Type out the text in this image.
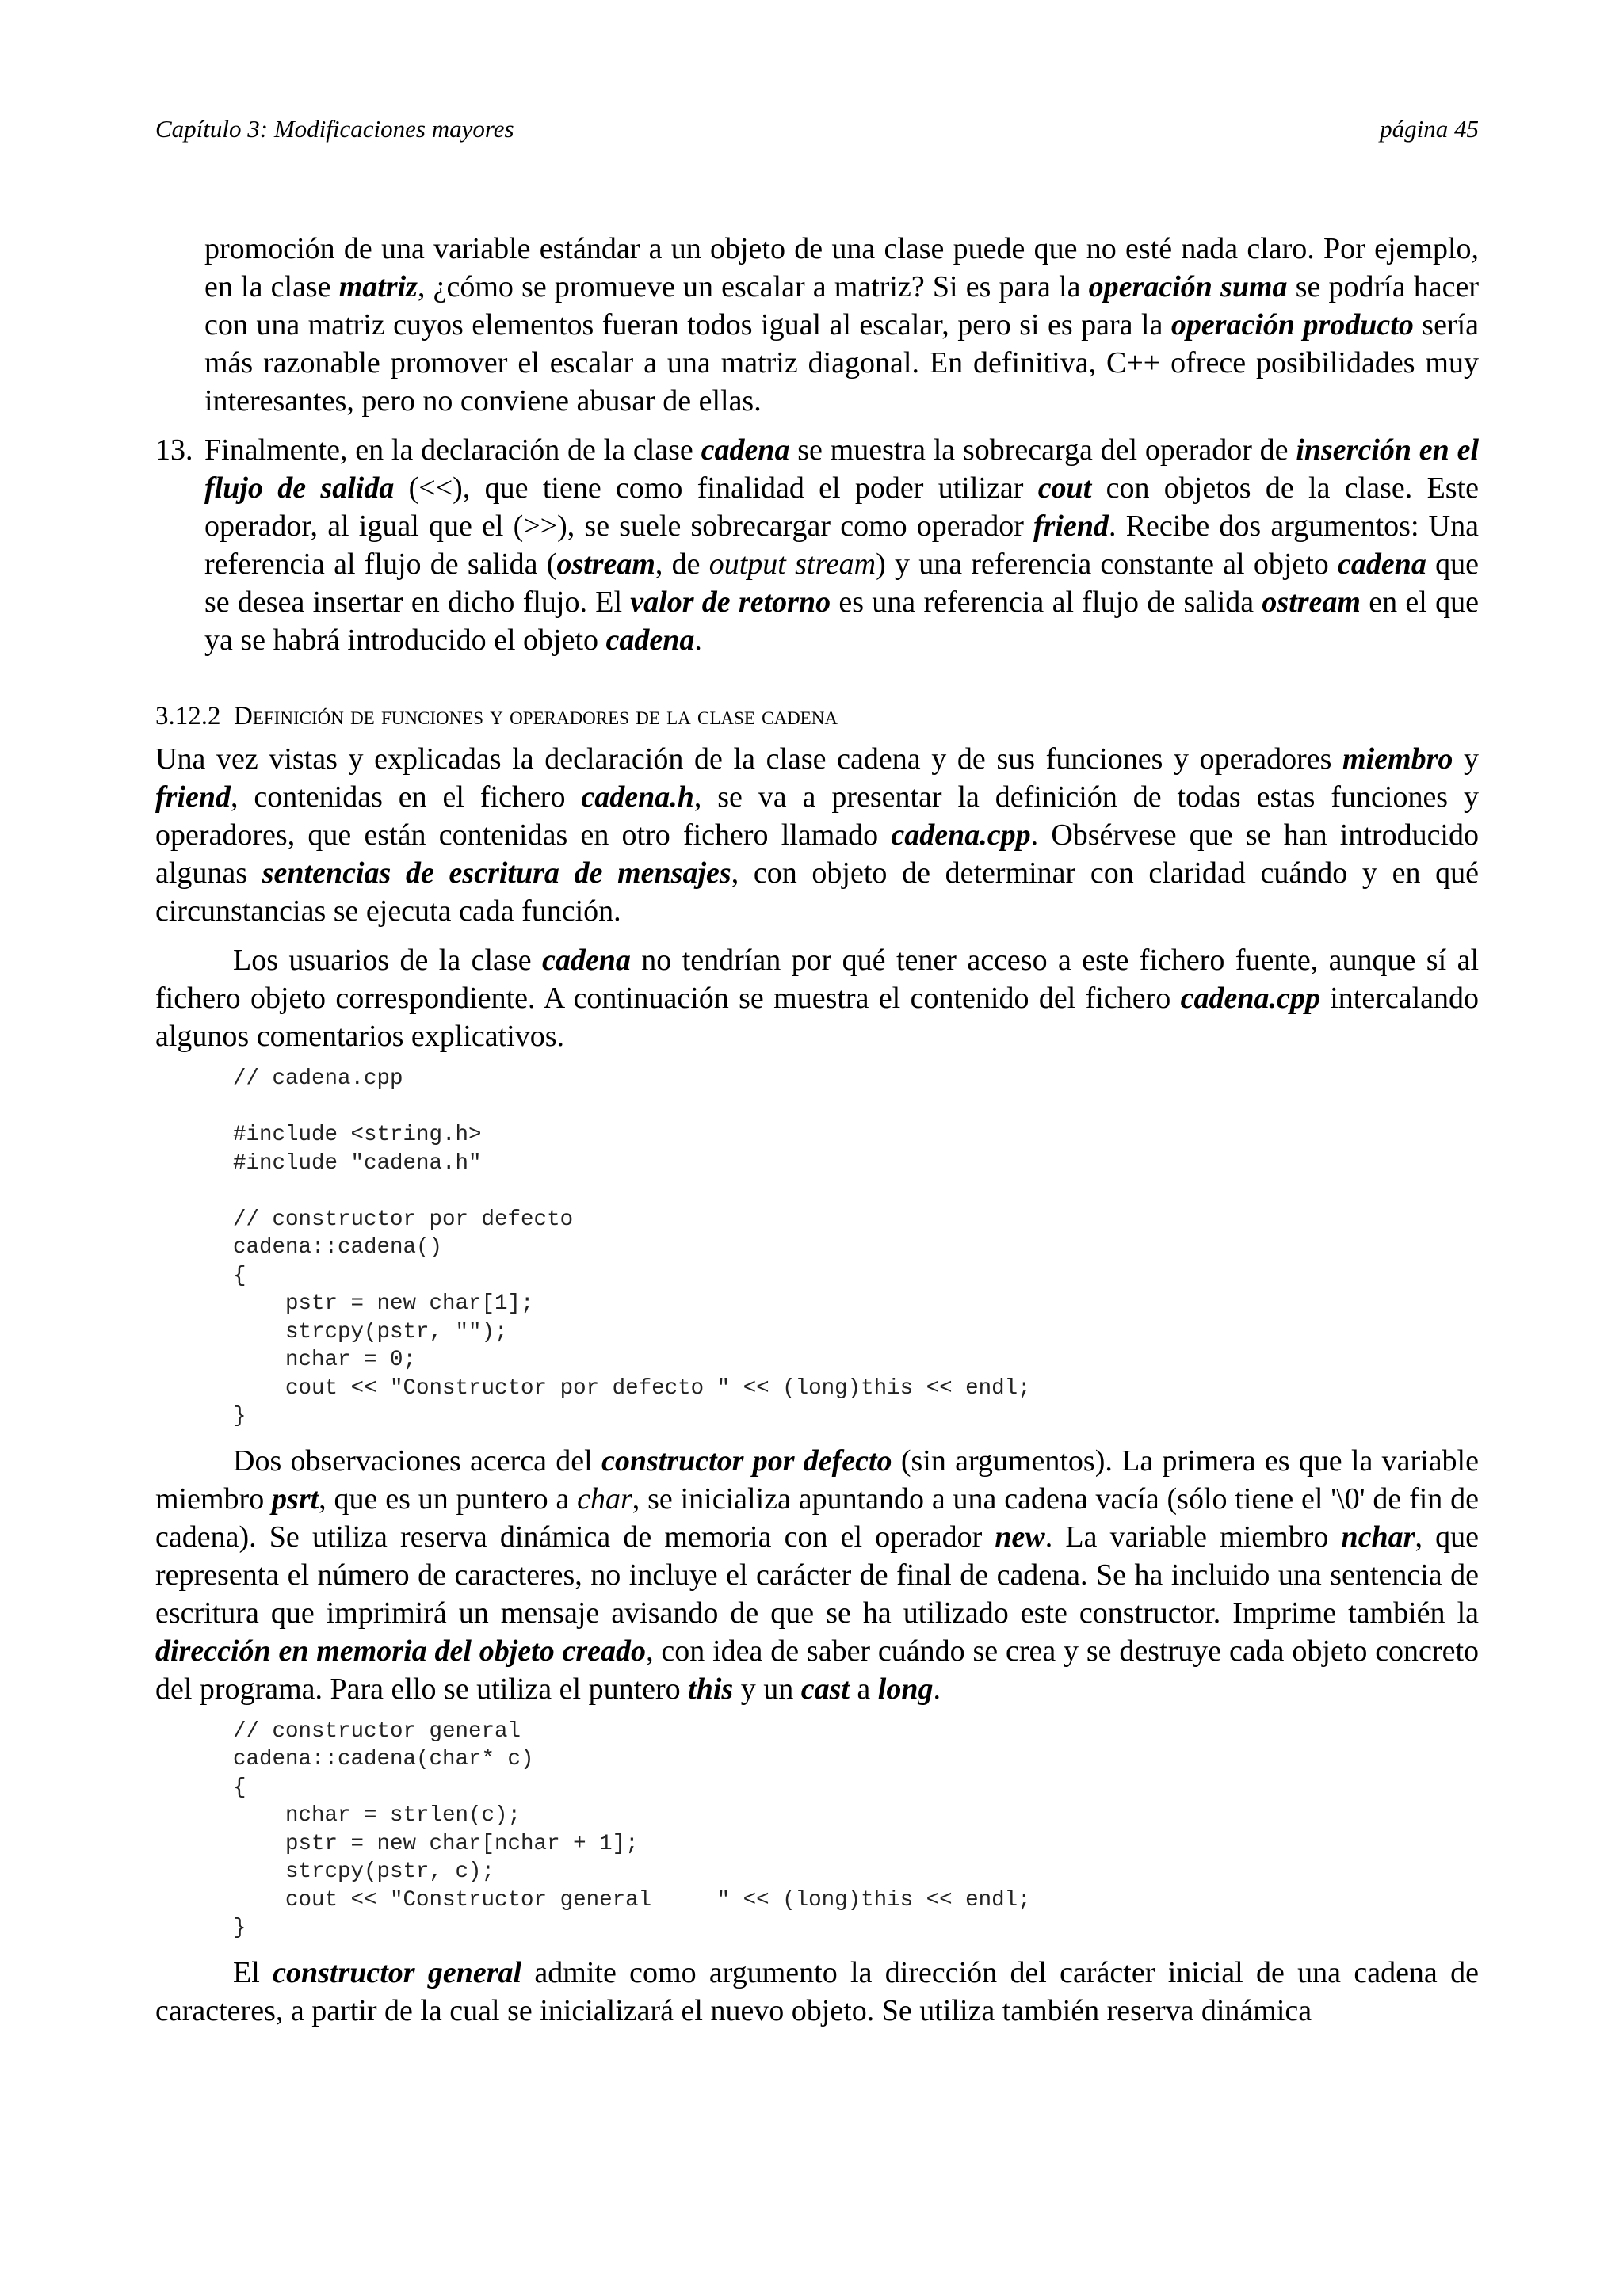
Capítulo 3: Modificaciones mayores	página 45

promoción de una variable estándar a un objeto de una clase puede que no esté nada claro. Por ejemplo, en la clase matriz, ¿cómo se promueve un escalar a matriz? Si es para la operación suma se podría hacer con una matriz cuyos elementos fueran todos igual al escalar, pero si es para la operación producto sería más razonable promover el escalar a una matriz diagonal. En definitiva, C++ ofrece posibilidades muy interesantes, pero no conviene abusar de ellas.

13. Finalmente, en la declaración de la clase cadena se muestra la sobrecarga del operador de inserción en el flujo de salida (<<), que tiene como finalidad el poder utilizar cout con objetos de la clase. Este operador, al igual que el (>>), se suele sobrecargar como operador friend. Recibe dos argumentos: Una referencia al flujo de salida (ostream, de output stream) y una referencia constante al objeto cadena que se desea insertar en dicho flujo. El valor de retorno es una referencia al flujo de salida ostream en el que ya se habrá introducido el objeto cadena.

3.12.2 Definición de funciones y operadores de la clase cadena

Una vez vistas y explicadas la declaración de la clase cadena y de sus funciones y operadores miembro y friend, contenidas en el fichero cadena.h, se va a presentar la definición de todas estas funciones y operadores, que están contenidas en otro fichero llamado cadena.cpp. Obsérvese que se han introducido algunas sentencias de escritura de mensajes, con objeto de determinar con claridad cuándo y en qué circunstancias se ejecuta cada función.

Los usuarios de la clase cadena no tendrían por qué tener acceso a este fichero fuente, aunque sí al fichero objeto correspondiente. A continuación se muestra el contenido del fichero cadena.cpp intercalando algunos comentarios explicativos.

// cadena.cpp
#include <string.h>
#include "cadena.h"
// constructor por defecto
cadena::cadena()
{
pstr = new char[1];
strcpy(pstr, "");
nchar = 0;
cout << "Constructor por defecto " << (long)this << endl;
}

Dos observaciones acerca del constructor por defecto (sin argumentos). La primera es que la variable miembro psrt, que es un puntero a char, se inicializa apuntando a una cadena vacía (sólo tiene el '\0' de fin de cadena). Se utiliza reserva dinámica de memoria con el operador new. La variable miembro nchar, que representa el número de caracteres, no incluye el carácter de final de cadena. Se ha incluido una sentencia de escritura que imprimirá un mensaje avisando de que se ha utilizado este constructor. Imprime también la dirección en memoria del objeto creado, con idea de saber cuándo se crea y se destruye cada objeto concreto del programa. Para ello se utiliza el puntero this y un cast a long.

// constructor general
cadena::cadena(char* c)
{
nchar = strlen(c);
pstr = new char[nchar + 1];
strcpy(pstr, c);
cout << "Constructor general     " << (long)this << endl;
}

El constructor general admite como argumento la dirección del carácter inicial de una cadena de caracteres, a partir de la cual se inicializará el nuevo objeto. Se utiliza también reserva dinámica
